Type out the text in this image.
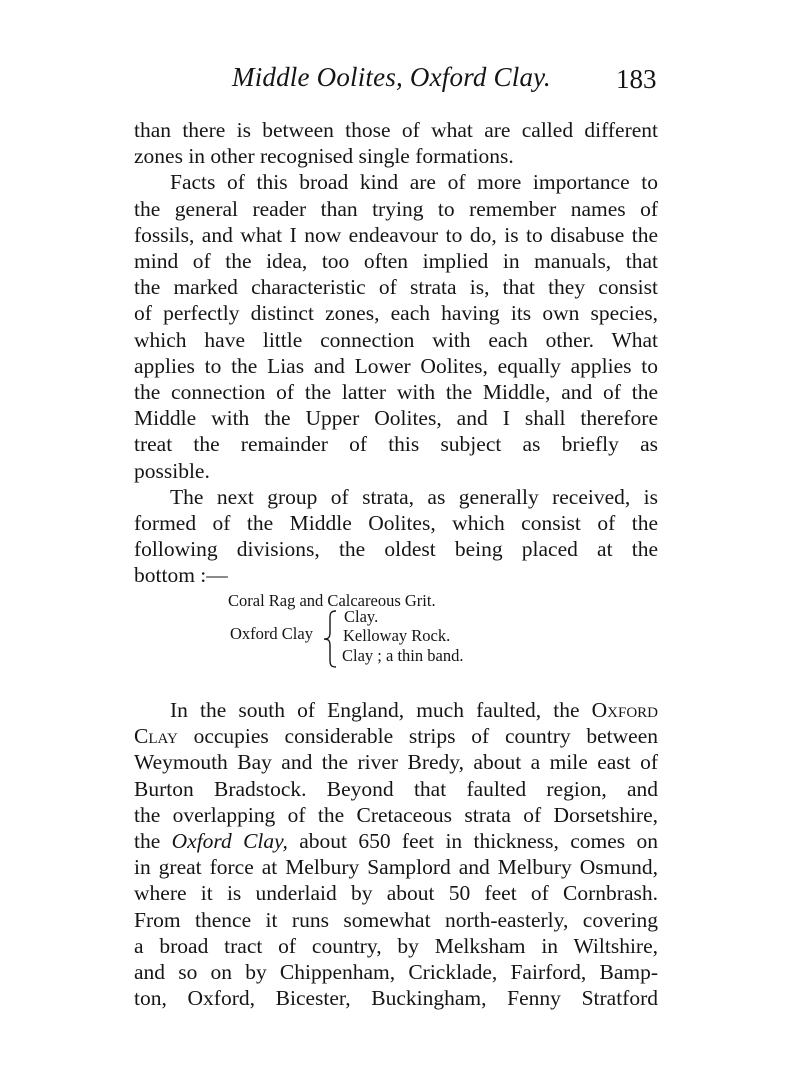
Middle Oolites, Oxford Clay. 183
than there is between those of what are called different
zones in other recognised single formations.
Facts of this broad kind are of more importance to
the general reader than trying to remember names of
fossils, and what I now endeavour to do, is to disabuse the
mind of the idea, too often implied in manuals, that
the marked characteristic of strata is, that they consist
of perfectly distinct zones, each having its own species,
which have little connection with each other. What
applies to the Lias and Lower Oolites, equally applies to
the connection of the latter with the Middle, and of the
Middle with the Upper Oolites, and I shall therefore
treat the remainder of this subject as briefly as
possible.
The next group of strata, as generally received, is
formed of the Middle Oolites, which consist of the
following divisions, the oldest being placed at the
bottom :—
Coral Rag and Calcareous Grit.
Oxford Clay
Clay.
Kelloway Rock.
Clay ; a thin band.
In the south of England, much faulted, the Oxford
Clay occupies considerable strips of country between
Weymouth Bay and the river Bredy, about a mile east of
Burton Bradstock. Beyond that faulted region, and
the overlapping of the Cretaceous strata of Dorsetshire,
the Oxford Clay, about 650 feet in thickness, comes on
in great force at Melbury Samplord and Melbury Osmund,
where it is underlaid by about 50 feet of Cornbrash.
From thence it runs somewhat north-easterly, covering
a broad tract of country, by Melksham in Wiltshire,
and so on by Chippenham, Cricklade, Fairford, Bamp-
ton, Oxford, Bicester, Buckingham, Fenny Stratford
